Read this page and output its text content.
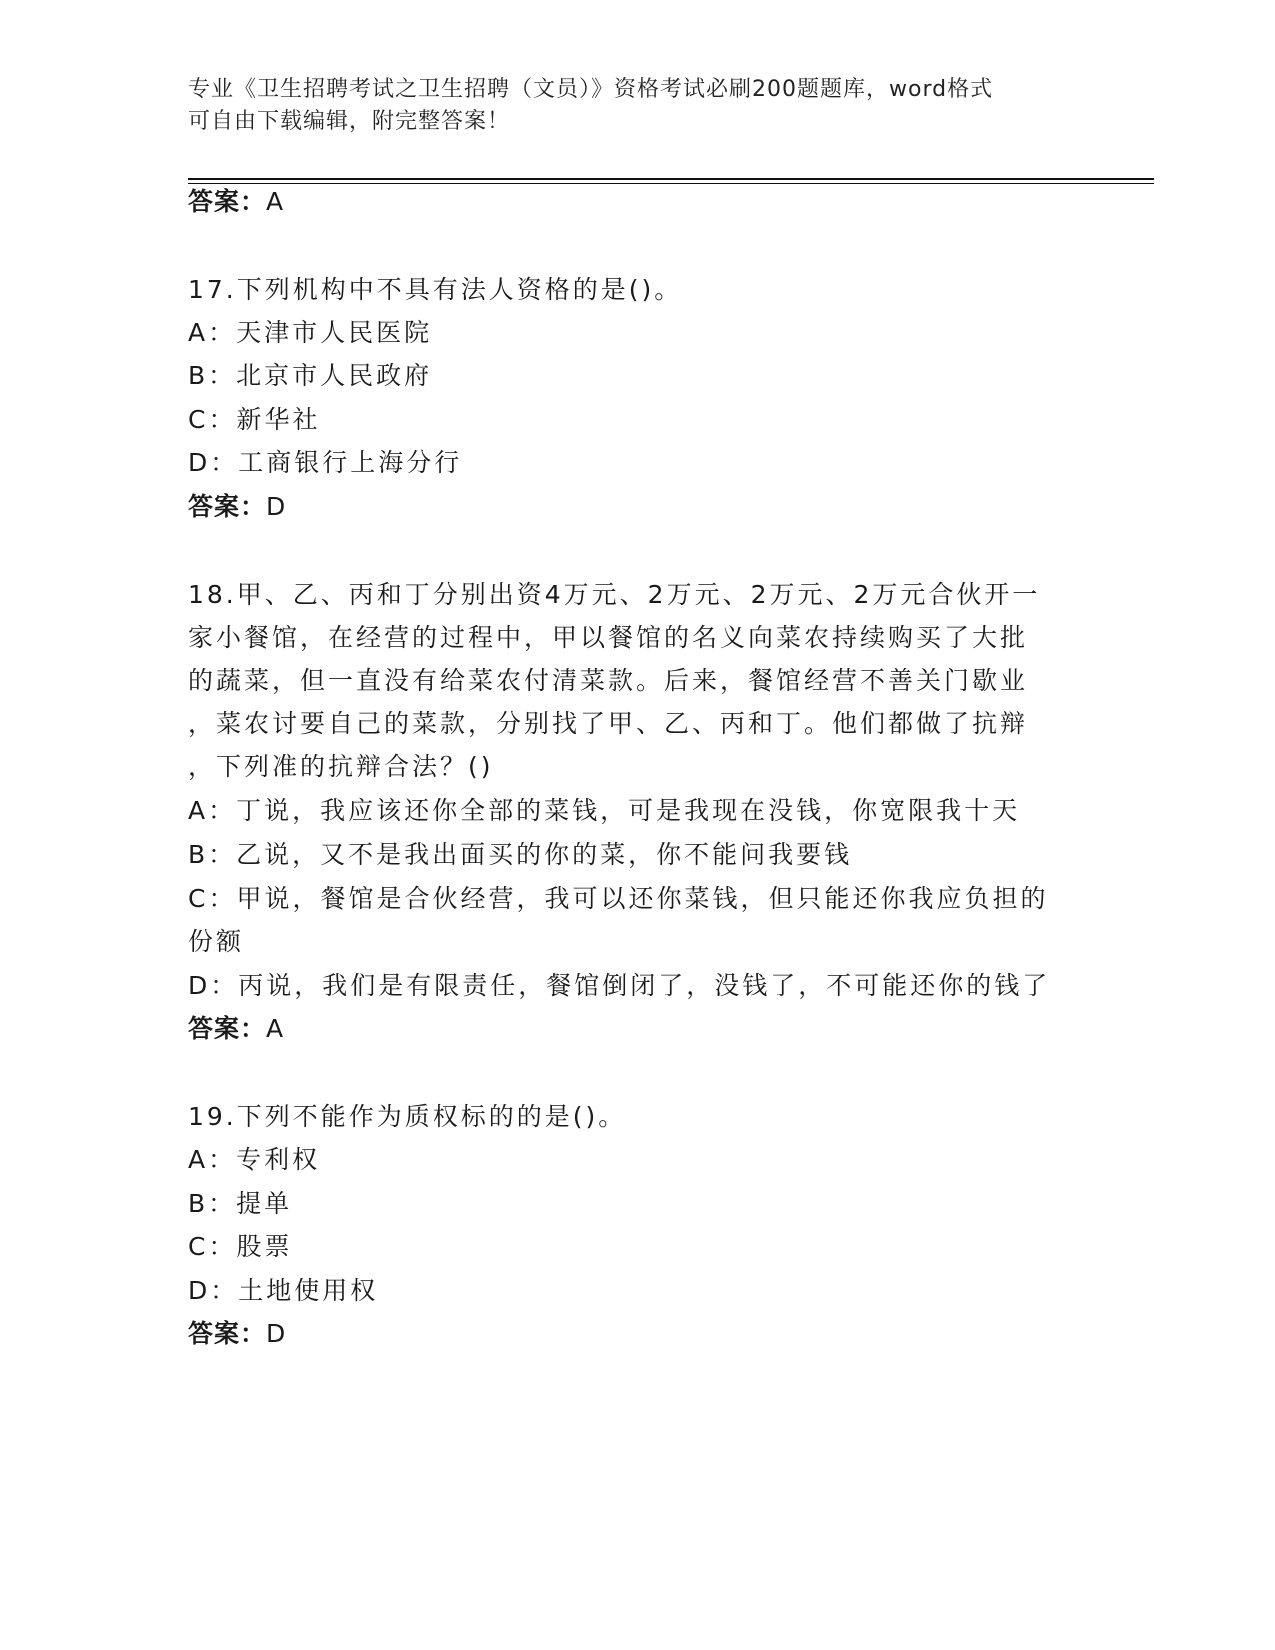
专业《卫生招聘考试之卫生招聘（文员）》资格考试必刷200题题库，word格式
可自由下载编辑，附完整答案！
答案：A
17.下列机构中不具有法人资格的是()。
A：天津市人民医院
B：北京市人民政府
C：新华社
D：工商银行上海分行
答案：D
18.甲、乙、丙和丁分别出资4万元、2万元、2万元、2万元合伙开一
家小餐馆，在经营的过程中，甲以餐馆的名义向菜农持续购买了大批
的蔬菜，但一直没有给菜农付清菜款。后来，餐馆经营不善关门歇业
，菜农讨要自己的菜款，分别找了甲、乙、丙和丁。他们都做了抗辩
，下列准的抗辩合法？()
A：丁说，我应该还你全部的菜钱，可是我现在没钱，你宽限我十天
B：乙说，又不是我出面买的你的菜，你不能问我要钱
C：甲说，餐馆是合伙经营，我可以还你菜钱，但只能还你我应负担的
份额
D：丙说，我们是有限责任，餐馆倒闭了，没钱了，不可能还你的钱了
答案：A
19.下列不能作为质权标的的是()。
A：专利权
B：提单
C：股票
D：土地使用权
答案：D
